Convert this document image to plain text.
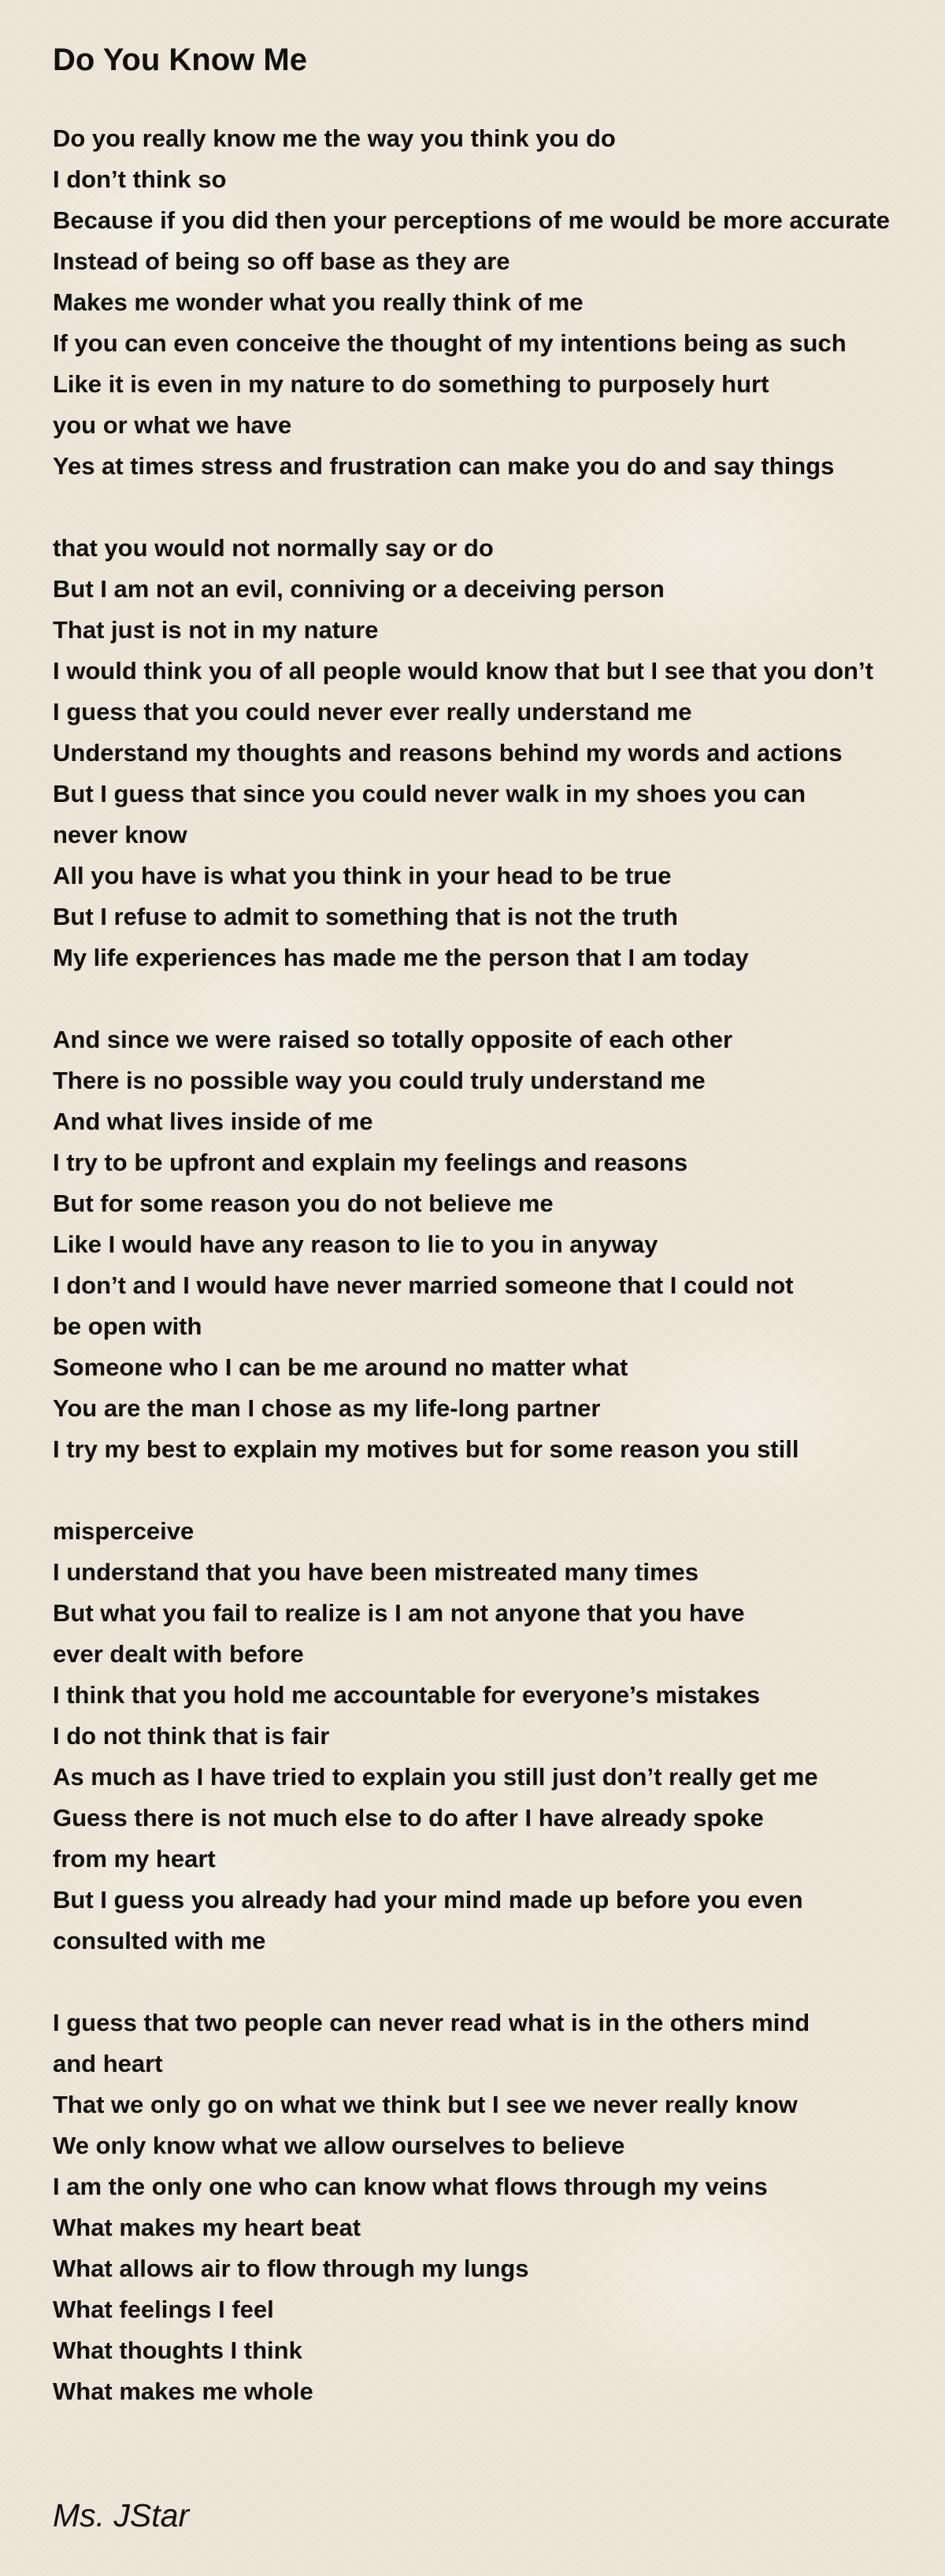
Do You Know Me
Do you really know me the way you think you do
I don’t think so
Because if you did then your perceptions of me would be more accurate
Instead of being so off base as they are
Makes me wonder what you really think of me
If you can even conceive the thought of my intentions being as such
Like it is even in my nature to do something to purposely hurt
you or what we have
Yes at times stress and frustration can make you do and say things
that you would not normally say or do
But I am not an evil, conniving or a deceiving person
That just is not in my nature
I would think you of all people would know that but I see that you don’t
I guess that you could never ever really understand me
Understand my thoughts and reasons behind my words and actions
But I guess that since you could never walk in my shoes you can
never know
All you have is what you think in your head to be true
But I refuse to admit to something that is not the truth
My life experiences has made me the person that I am today
And since we were raised so totally opposite of each other
There is no possible way you could truly understand me
And what lives inside of me
I try to be upfront and explain my feelings and reasons
But for some reason you do not believe me
Like I would have any reason to lie to you in anyway
I don’t and I would have never married someone that I could not
be open with
Someone who I can be me around no matter what
You are the man I chose as my life-long partner
I try my best to explain my motives but for some reason you still
misperceive
I understand that you have been mistreated many times
But what you fail to realize is I am not anyone that you have
ever dealt with before
I think that you hold me accountable for everyone’s mistakes
I do not think that is fair
As much as I have tried to explain you still just don’t really get me
Guess there is not much else to do after I have already spoke
from my heart
But I guess you already had your mind made up before you even
consulted with me
I guess that two people can never read what is in the others mind
and heart
That we only go on what we think but I see we never really know
We only know what we allow ourselves to believe
I am the only one who can know what flows through my veins
What makes my heart beat
What allows air to flow through my lungs
What feelings I feel
What thoughts I think
What makes me whole
Ms. JStar
